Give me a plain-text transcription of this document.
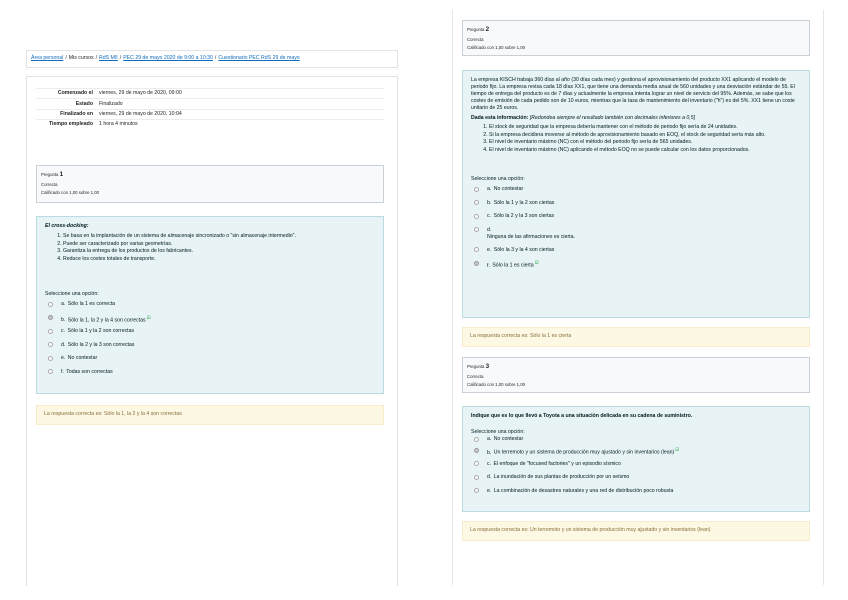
Área personal / Mis cursos / RdS MII / PEC 29 de mayo 2020 de 9:00 a 10:30 / Cuestionario PEC RdS 29 de mayo
Comenzado el	viernes, 29 de mayo de 2020, 09:00
Estado	Finalizado
Finalizado en	viernes, 29 de mayo de 2020, 10:04
Tiempo empleado	1 hora 4 minutos
Pregunta 1
Correcta
Calificado con 1,00 sobre 1,00
El cross-docking:
1. Se basa en la implantación de un sistema de almacenaje sincronizado o "sin almacenaje intermedio".
2. Puede ser caracterizado por varias geometrías.
3. Garantiza la entrega de los productos de los fabricantes.
4. Reduce los costes totales de transporte.
Seleccione una opción:
a. Sólo la 1 es correcta
b. Sólo la 1, la 2 y la 4 son correctas☑
c. Sólo la 1 y la 2 son correctas
d. Sólo la 2 y la 3 son correctas
e. No contestar
f. Todas son correctas
La respuesta correcta es: Sólo la 1, la 2 y la 4 son correctas
Pregunta 2
Correcta
Calificado con 1,00 sobre 1,00
La empresa KISCH trabaja 360 días al año (30 días cada mes) y gestiona el aprovisionamiento del producto XX1 aplicando el modelo de periodo fijo. La empresa revisa cada 18 días XX1, que tiene una demanda media anual de 560 unidades y una desviación estándar de 55. El tiempo de entrega del producto es de 7 días y actualmente la empresa intenta lograr un nivel de servicio del 95%. Además, se sabe que los costes de emisión de cada pedido son de 10 euros, mientras que la tasa de mantenimiento del inventario ("h") es del 5%. XX1 tiene un coste unitario de 25 euros.
Dada esta información: [Redondea siempre el resultado también con decimales inferiores a 0,5]
1. El stock de seguridad que la empresa debería mantener con el método de periodo fijo sería de 24 unidades.
2. Si la empresa decidiera moverse al método de aprovisionamiento basado en EOQ, el stock de seguridad sería más alto.
3. El nivel de inventario máximo (NC) con el método del periodo fijo sería de 565 unidades.
4. El nivel de inventario máximo (NC) aplicando el método EOQ no se puede calcular con los datos proporcionados.
Seleccione una opción:
a. No contestar
b. Sólo la 1 y la 2 son ciertas
c. Sólo la 2 y la 3 son ciertas
d.
Ninguna de las afirmaciones es cierta.
e. Sólo la 3 y la 4 son ciertas
f. Sólo la 1 es cierta☑
La respuesta correcta es: Sólo la 1 es cierta
Pregunta 3
Correcta
Calificado con 1,00 sobre 1,00
Indique que es lo que llevó a Toyota a una situación delicada en su cadena de suministro.
Seleccione una opción:
a. No contestar
b. Un terremoto y un sistema de producción muy ajustado y sin inventarios (lean)☑
c. El enfoque de "focused factories" y un episodio sísmico
d. La inundación de sus plantas de producción por un seísmo
e. La combinación de desastres naturales y una red de distribución poco robusta
La respuesta correcta es: Un terremoto y un sistema de producción muy ajustado y sin inventarios (lean)
